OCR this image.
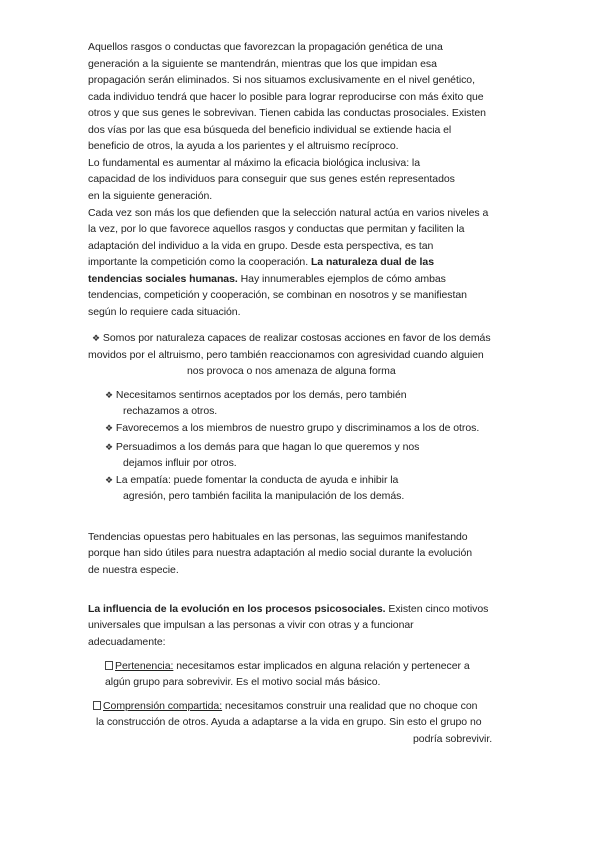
Aquellos rasgos o conductas que favorezcan la propagación genética de una
generación a la siguiente se mantendrán, mientras que los que impidan esa
propagación serán eliminados. Si nos situamos exclusivamente en el nivel genético,
cada individuo tendrá que hacer lo posible para lograr reproducirse con más éxito que
otros y que sus genes le sobrevivan. Tienen cabida las conductas prosociales. Existen
dos vías por las que esa búsqueda del beneficio individual se extiende hacia el
beneficio de otros, la ayuda a los parientes y el altruismo recíproco.
Lo fundamental es aumentar al máximo la eficacia biológica inclusiva: la
capacidad de los individuos para conseguir que sus genes estén representados
en la siguiente generación.
Cada vez son más los que defienden que la selección natural actúa en varios niveles a
la vez, por lo que favorece aquellos rasgos y conductas que permitan y faciliten la
adaptación del individuo a la vida en grupo. Desde esta perspectiva, es tan
importante la competición como la cooperación. La naturaleza dual de las
tendencias sociales humanas. Hay innumerables ejemplos de cómo ambas
tendencias, competición y cooperación, se combinan en nosotros y se manifiestan
según lo requiere cada situación.
❖ Somos por naturaleza capaces de realizar costosas acciones en favor de los demás
movidos por el altruismo, pero también reaccionamos con agresividad cuando alguien
nos provoca o nos amenaza de alguna forma
❖ Necesitamos sentirnos aceptados por los demás, pero también
rechazamos a otros.
❖ Favorecemos a los miembros de nuestro grupo y discriminamos a los de otros.
❖ Persuadimos a los demás para que hagan lo que queremos y nos
dejamos influir por otros.
❖ La empatía: puede fomentar la conducta de ayuda e inhibir la
agresión, pero también facilita la manipulación de los demás.
Tendencias opuestas pero habituales en las personas, las seguimos manifestando
porque han sido útiles para nuestra adaptación al medio social durante la evolución
de nuestra especie.
La influencia de la evolución en los procesos psicosociales. Existen cinco motivos
universales que impulsan a las personas a vivir con otras y a funcionar
adecuadamente:
Pertenencia: necesitamos estar implicados en alguna relación y pertenecer a
algún grupo para sobrevivir. Es el motivo social más básico.
Comprensión compartida: necesitamos construir una realidad que no choque con
la construcción de otros. Ayuda a adaptarse a la vida en grupo. Sin esto el grupo no
podría sobrevivir.
